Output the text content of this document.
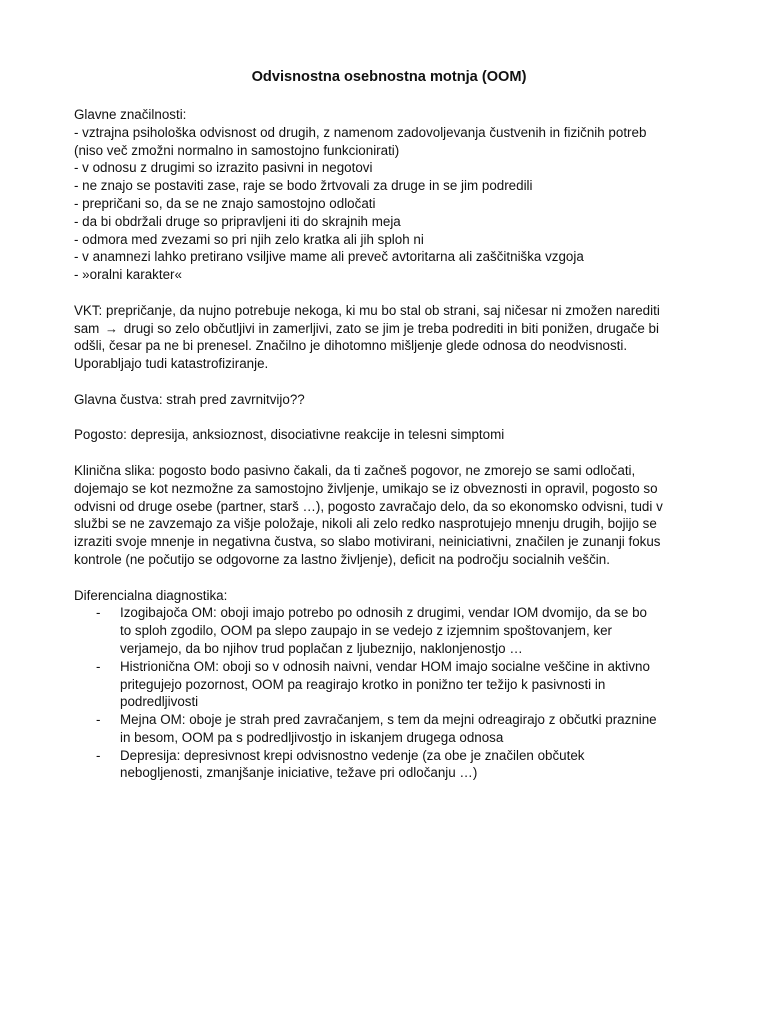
Odvisnostna osebnostna motnja (OOM)
Glavne značilnosti:
- vztrajna psihološka odvisnost od drugih, z namenom zadovoljevanja čustvenih in fizičnih potreb
(niso več zmožni normalno in samostojno funkcionirati)
- v odnosu z drugimi so izrazito pasivni in negotovi
- ne znajo se postaviti zase, raje se bodo žrtvovali za druge in se jim podredili
- prepričani so, da se ne znajo samostojno odločati
- da bi obdržali druge so pripravljeni iti do skrajnih meja
- odmora med zvezami so pri njih zelo kratka ali jih sploh ni
- v anamnezi lahko pretirano vsiljive mame ali preveč avtoritarna ali zaščitniška vzgoja
- »oralni karakter«
VKT: prepričanje, da nujno potrebuje nekoga, ki mu bo stal ob strani, saj ničesar ni zmožen narediti
sam → drugi so zelo občutljivi in zamerljivi, zato se jim je treba podrediti in biti ponižen, drugače bi
odšli, česar pa ne bi prenesel. Značilno je dihotomno mišljenje glede odnosa do neodvisnosti.
Uporabljajo tudi katastrofiziranje.
Glavna čustva: strah pred zavrnitvijo??
Pogosto: depresija, anksioznost, disociativne reakcije in telesni simptomi
Klinična slika: pogosto bodo pasivno čakali, da ti začneš pogovor, ne zmorejo se sami odločati,
dojemajo se kot nezmožne za samostojno življenje, umikajo se iz obveznosti in opravil, pogosto so
odvisni od druge osebe (partner, starš …), pogosto zavračajo delo, da so ekonomsko odvisni, tudi v
službi se ne zavzemajo za višje položaje, nikoli ali zelo redko nasprotujejo mnenju drugih, bojijo se
izraziti svoje mnenje in negativna čustva, so slabo motivirani, neiniciativni, značilen je zunanji fokus
kontrole (ne počutijo se odgovorne za lastno življenje), deficit na področju socialnih veščin.
Diferencialna diagnostika:
- Izogibajoča OM: oboji imajo potrebo po odnosih z drugimi, vendar IOM dvomijo, da se bo
to sploh zgodilo, OOM pa slepo zaupajo in se vedejo z izjemnim spoštovanjem, ker
verjamejo, da bo njihov trud poplačan z ljubeznijo, naklonjenostjo …
- Histrionična OM: oboji so v odnosih naivni, vendar HOM imajo socialne veščine in aktivno
pritegujejo pozornost, OOM pa reagirajo krotko in ponižno ter težijo k pasivnosti in
podredljivosti
- Mejna OM: oboje je strah pred zavračanjem, s tem da mejni odreagirajo z občutki praznine
in besom, OOM pa s podredljivostjo in iskanjem drugega odnosa
- Depresija: depresivnost krepi odvisnostno vedenje (za obe je značilen občutek
nebogljenosti, zmanjšanje iniciative, težave pri odločanju …)
